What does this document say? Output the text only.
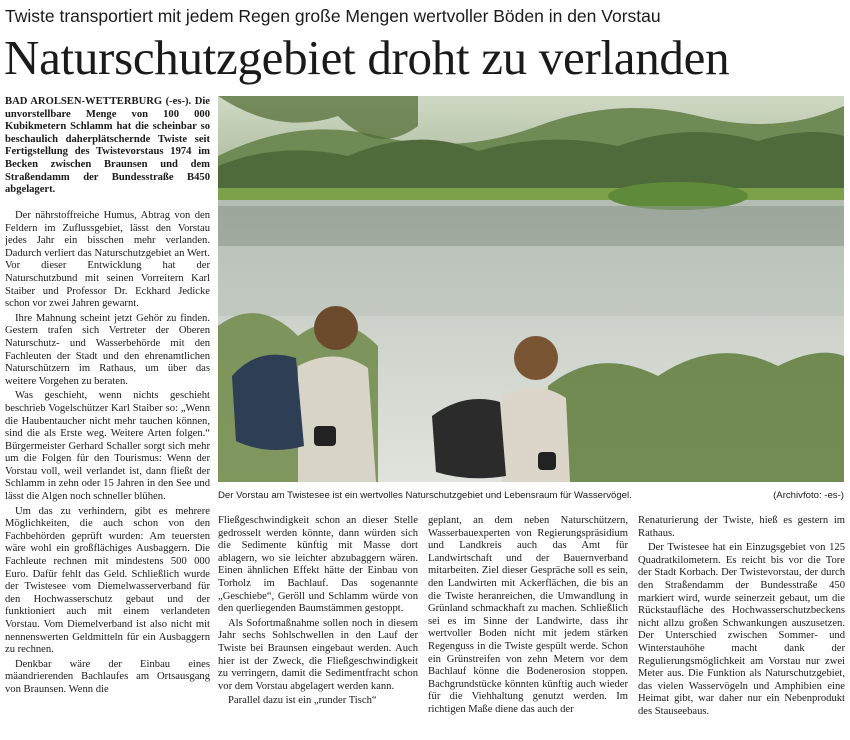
Twiste transportiert mit jedem Regen große Mengen wertvoller Böden in den Vorstau
Naturschutzgebiet droht zu verlanden

BAD AROLSEN-WETTERBURG (-es-). Die unvorstellbare Menge von 100 000 Kubikmetern Schlamm hat die scheinbar so beschaulich daherplätschernde Twiste seit Fertigstellung des Twistevorstaus 1974 im Becken zwischen Braunsen und dem Straßendamm der Bundesstraße B450 abgelagert.

Der nährstoffreiche Humus, Abtrag von den Feldern im Zuflussgebiet, lässt den Vorstau jedes Jahr ein bisschen mehr verlanden. Dadurch verliert das Naturschutzgebiet an Wert. Vor dieser Entwicklung hat der Naturschutzbund mit seinen Vorreitern Karl Staiber und Professor Dr. Eckhard Jedicke schon vor zwei Jahren gewarnt.

Ihre Mahnung scheint jetzt Gehör zu finden. Gestern trafen sich Vertreter der Oberen Naturschutz- und Wasserbehörde mit den Fachleuten der Stadt und den ehrenamtlichen Naturschützern im Rathaus, um über das weitere Vorgehen zu beraten.

Was geschieht, wenn nichts geschieht beschrieb Vogelschützer Karl Staiber so: „Wenn die Haubentaucher nicht mehr tauchen können, sind die als Erste weg. Weitere Arten folgen.“ Bürgermeister Gerhard Schaller sorgt sich mehr um die Folgen für den Tourismus: Wenn der Vorstau voll, weil verlandet ist, dann fließt der Schlamm in zehn oder 15 Jahren in den See und lässt die Algen noch schneller blühen.

Um das zu verhindern, gibt es mehrere Möglichkeiten, die auch schon von den Fachbehörden geprüft wurden: Am teuersten wäre wohl ein großflächiges Ausbaggern. Die Fachleute rechnen mit mindestens 500 000 Euro. Dafür fehlt das Geld. Schließlich wurde der Twistesee vom Diemelwasserverband für den Hochwasserschutz gebaut und der funktioniert auch mit einem verlandeten Vorstau. Vom Diemelverband ist also nicht mit nennenswerten Geldmitteln für ein Ausbaggern zu rechnen.

Denkbar wäre der Einbau eines mäandrierenden Bachlaufes am Ortsausgang von Braunsen. Wenn die

Der Vorstau am Twistesee ist ein wertvolles Naturschutzgebiet und Lebensraum für Wasservögel.	(Archivfoto: -es-)

Fließgeschwindigkeit schon an dieser Stelle gedrosselt werden könnte, dann würden sich die Sedimente künftig mit Masse dort ablagern, wo sie leichter abzubaggern wären. Einen ähnlichen Effekt hätte der Einbau von Torholz im Bachlauf. Das sogenannte „Geschiebe“, Geröll und Schlamm würde von den querliegenden Baumstämmen gestoppt.

Als Sofortmaßnahme sollen noch in diesem Jahr sechs Sohlschwellen in den Lauf der Twiste bei Braunsen eingebaut werden. Auch hier ist der Zweck, die Fließgeschwindigkeit zu verringern, damit die Sedimentfracht schon vor dem Vorstau abgelagert werden kann.

Parallel dazu ist ein „runder Tisch“

geplant, an dem neben Naturschützern, Wasserbauexperten von Regierungspräsidium und Landkreis auch das Amt für Landwirtschaft und der Bauernverband mitarbeiten. Ziel dieser Gespräche soll es sein, den Landwirten mit Ackerflächen, die bis an die Twiste heranreichen, die Umwandlung in Grünland schmackhaft zu machen. Schließlich sei es im Sinne der Landwirte, dass ihr wertvoller Boden nicht mit jedem stärken Regenguss in die Twiste gespült werde. Schon ein Grünstreifen von zehn Metern vor dem Bachlauf könne die Bodenerosion stoppen. Bachgrundstücke könnten künftig auch wieder für die Viehhaltung genutzt werden. Im richtigen Maße diene das auch der

Renaturierung der Twiste, hieß es gestern im Rathaus.

Der Twistesee hat ein Einzugsgebiet von 125 Quadratkilometern. Es reicht bis vor die Tore der Stadt Korbach. Der Twistevorstau, der durch den Straßendamm der Bundesstraße 450 markiert wird, wurde seinerzeit gebaut, um die Rückstaufläche des Hochwasserschutzbeckens nicht allzu großen Schwankungen auszusetzen. Der Unterschied zwischen Sommer- und Winterstauhöhe macht dank der Regulierungsmöglichkeit am Vorstau nur zwei Meter aus. Die Funktion als Naturschutzgebiet, das vielen Wasservögeln und Amphibien eine Heimat gibt, war daher nur ein Nebenprodukt des Stauseebaus.
